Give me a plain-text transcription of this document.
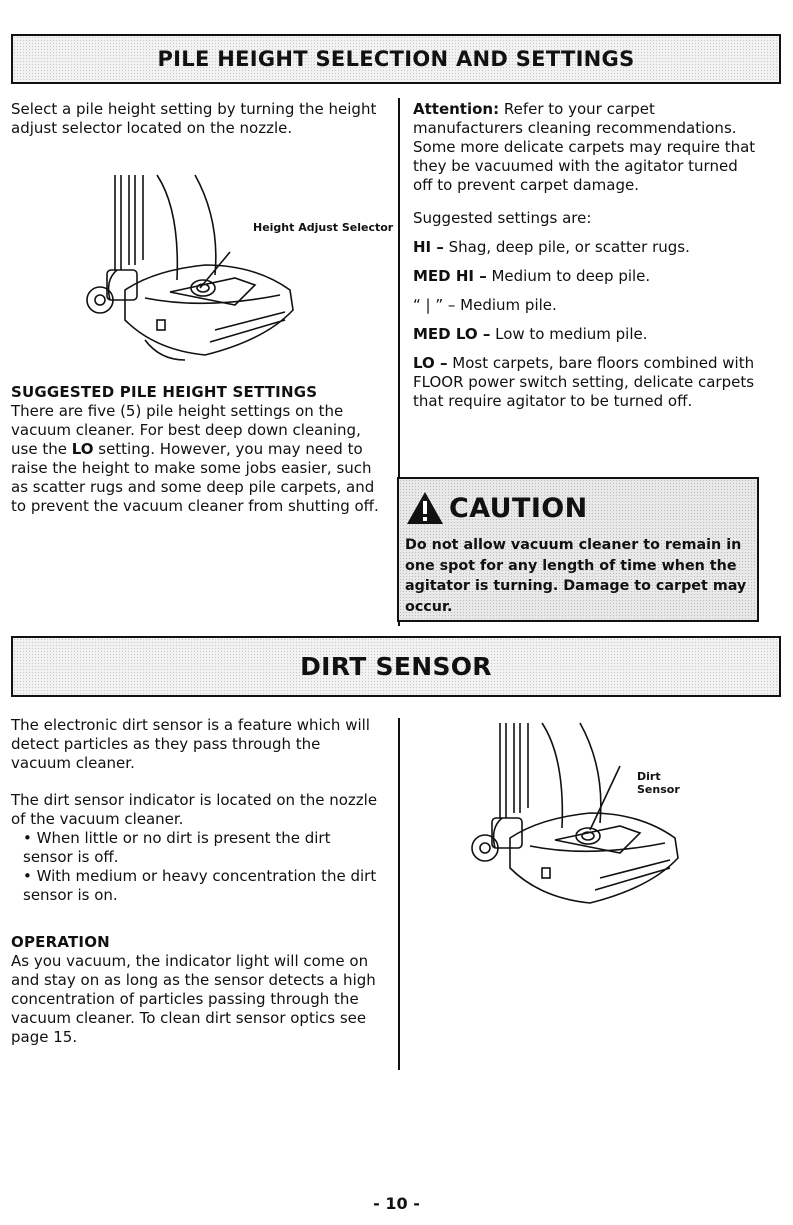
PILE HEIGHT SELECTION AND SETTINGS

Select a pile height setting by turning the height adjust selector located on the nozzle.

Height Adjust Selector
SUGGESTED PILE HEIGHT SETTINGS

There are five (5) pile height settings on the vacuum cleaner. For best deep down cleaning, use the LO setting. However, you may need to raise the height to make some jobs easier, such as scatter rugs and some deep pile carpets, and to prevent the vacuum cleaner from shutting off.

Attention: Refer to your carpet manufacturers cleaning recommendations. Some more delicate carpets may require that they be vacuumed with the agitator turned off to prevent carpet damage.

Suggested settings are:

HI – Shag, deep pile, or scatter rugs.

MED HI – Medium to deep pile.

“ | ” – Medium pile.

MED LO – Low to medium pile.

LO – Most carpets, bare floors combined with FLOOR power switch setting, delicate carpets that require agitator to be turned off.

CAUTION
Do not allow vacuum cleaner to remain in one spot for any length of time when the agitator is turning. Damage to carpet may occur.
DIRT SENSOR

The electronic dirt sensor is a feature which will detect particles as they pass through the vacuum cleaner.

The dirt sensor indicator is located on the nozzle of the vacuum cleaner.

• When little or no dirt is present the dirt sensor is off.

• With medium or heavy concentration the dirt sensor is on.

OPERATION

As you vacuum, the indicator light will come on and stay on as long as the sensor detects a high concentration of particles passing through the vacuum cleaner. To clean dirt sensor optics see page 15.

Dirt Sensor
- 10 -
